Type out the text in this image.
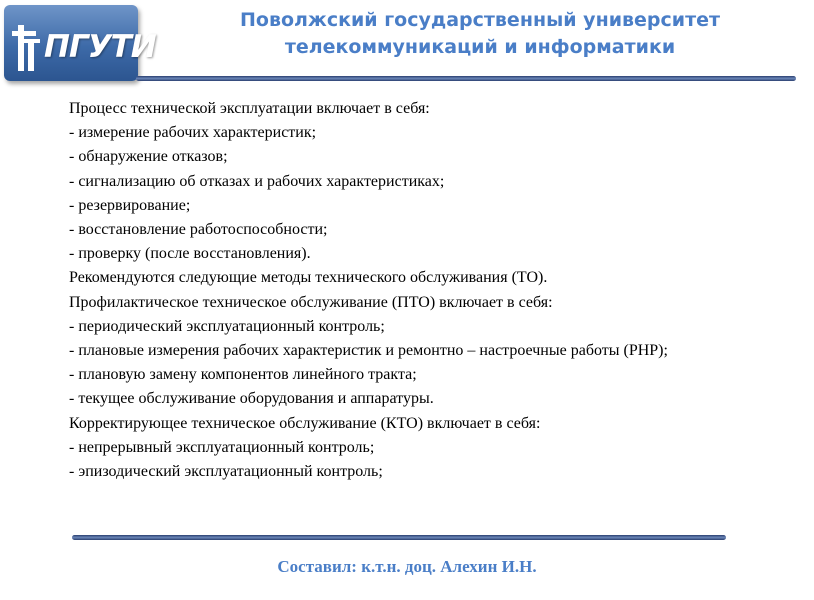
ПГУТИ
Поволжский государственный университет
телекоммуникаций и информатики

Процесс технической эксплуатации включает в себя:

- измерение рабочих характеристик;

- обнаружение отказов;

- сигнализацию об отказах и рабочих характеристиках;

- резервирование;

- восстановление работоспособности;

- проверку (после восстановления).

Рекомендуются следующие методы технического обслуживания (ТО).

Профилактическое техническое обслуживание (ПТО) включает в себя:

- периодический эксплуатационный контроль;

- плановые измерения рабочих характеристик и ремонтно – настроечные работы (РНР);

- плановую замену компонентов линейного тракта;

- текущее обслуживание оборудования и аппаратуры.

Корректирующее техническое обслуживание (КТО) включает в себя:

- непрерывный эксплуатационный контроль;

- эпизодический эксплуатационный контроль;

Составил: к.т.н. доц. Алехин И.Н.
